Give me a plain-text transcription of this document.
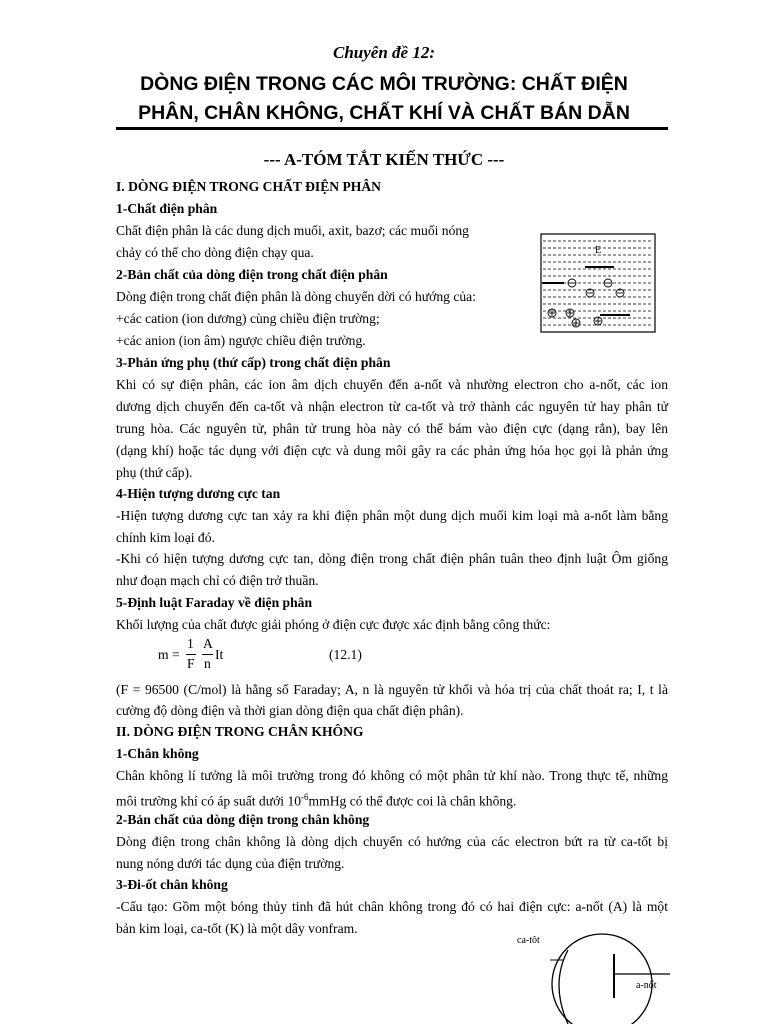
Chuyên đề 12:
DÒNG ĐIỆN TRONG CÁC MÔI TRƯỜNG: CHẤT ĐIỆN
PHÂN, CHÂN KHÔNG, CHẤT KHÍ VÀ CHẤT BÁN DẪN
--- A-TÓM TẮT KIẾN THỨC ---
I. DÒNG ĐIỆN TRONG CHẤT ĐIỆN PHÂN
1-Chất điện phân
Chất điện phân là các dung dịch muối, axit, bazơ; các muối nóng
chảy có thể cho dòng điện chạy qua.
2-Bản chất của dòng điện trong chất điện phân
Dòng điện trong chất điện phân là dòng chuyển dời có hướng của:
+các cation (ion dương) cùng chiều điện trường;
+các anion (ion âm) ngược chiều điện trường.
E
3-Phản ứng phụ (thứ cấp) trong chất điện phân
Khi có sự điện phân, các ion âm dịch chuyển đến a-nốt và nhường electron cho a-nốt, các ion
dương dịch chuyển đến ca-tốt và nhận electron từ ca-tốt và trở thành các nguyên tử hay phân tử
trung hòa. Các nguyên tử, phân tử trung hòa này có thể bám vào điện cực (dạng rắn), bay lên
(dạng khí) hoặc tác dụng với điện cực và dung môi gây ra các phản ứng hóa học gọi là phản ứng
phụ (thứ cấp).
4-Hiện tượng dương cực tan
-Hiện tượng dương cực tan xảy ra khi điện phân một dung dịch muối kim loại mà a-nốt làm bằng
chính kim loại đó.
-Khi có hiện tượng dương cực tan, dòng điện trong chất điện phân tuân theo định luật Ôm giống
như đoạn mạch chỉ có điện trở thuần.
5-Định luật Faraday về điện phân
Khối lượng của chất được giải phóng ở điện cực được xác định bằng công thức:
m =
1
F
A
n
It	(12.1)
(F = 96500 (C/mol) là hằng số Faraday; A, n là nguyên tử khối và hóa trị của chất thoát ra; I, t là
cường độ dòng điện và thời gian dòng điện qua chất điện phân).
II. DÒNG ĐIỆN TRONG CHÂN KHÔNG
1-Chân không
Chân không lí tưởng là môi trường trong đó không có một phân tử khí nào. Trong thực tế, những
môi trường khí có áp suất dưới $10^{-6}mmHg$ có thể được coi là chân không.
2-Bản chất của dòng điện trong chân không
Dòng điện trong chân không là dòng dịch chuyển có hướng của các electron bứt ra từ ca-tốt bị
nung nóng dưới tác dụng của điện trường.
3-Đi-ốt chân không
-Cấu tạo: Gồm một bóng thủy tinh đã hút chân không trong đó có hai điện cực: a-nốt (A) là một
bản kim loại, ca-tốt (K) là một dây vonfram.
ca-tôt
a-nốt
